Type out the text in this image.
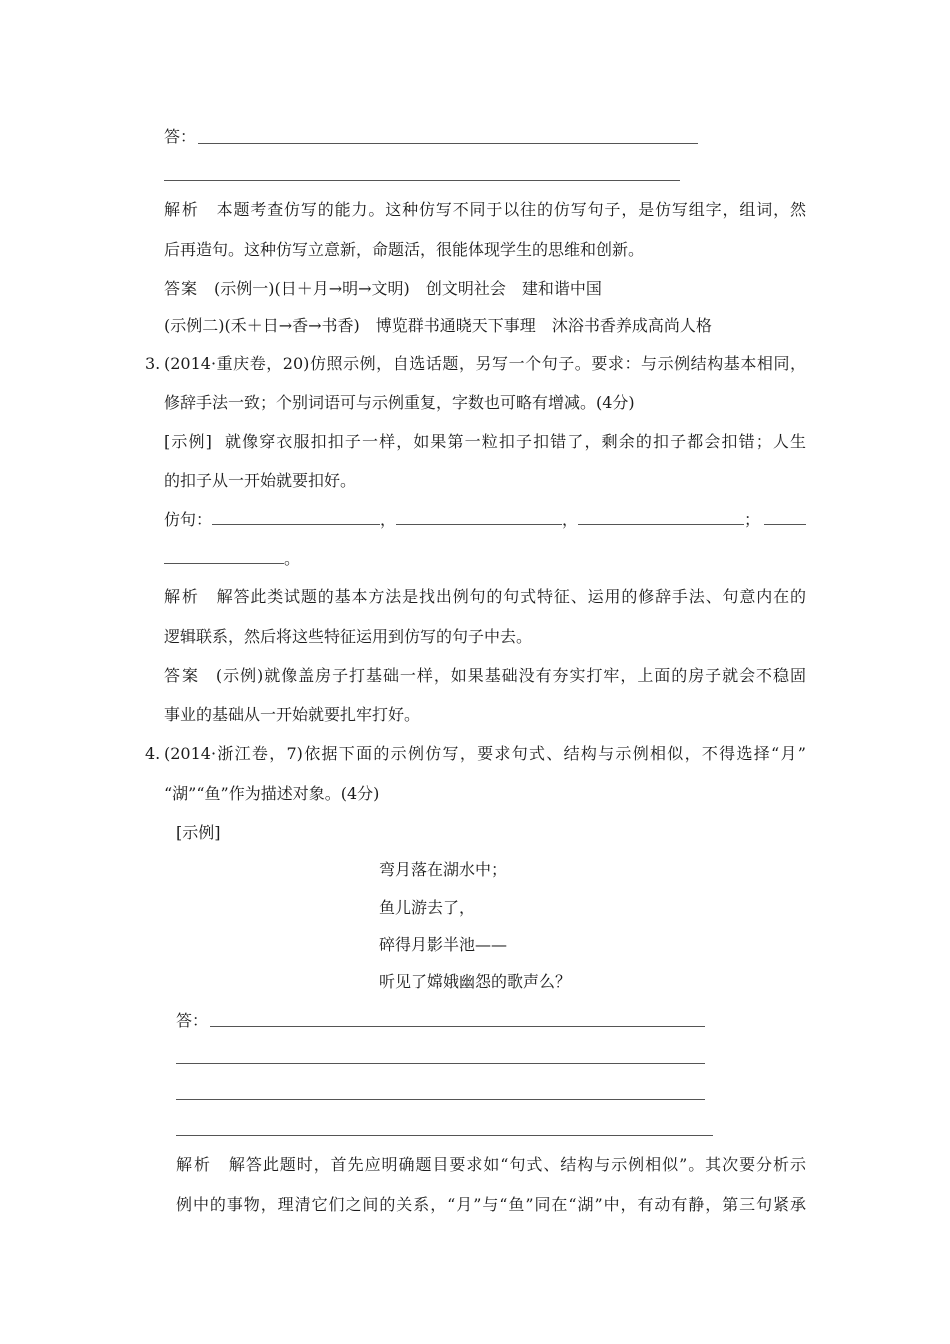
答：
解析 本题考查仿写的能力。这种仿写不同于以往的仿写句子，是仿写组字，组词，然
后再造句。这种仿写立意新，命题活，很能体现学生的思维和创新。
答案 (示例一)(日＋月→明→文明) 创文明社会 建和谐中国
(示例二)(禾＋日→香→书香) 博览群书通晓天下事理 沐浴书香养成高尚人格
3. (2014·重庆卷，20)仿照示例，自选话题，另写一个句子。要求：与示例结构基本相同，
修辞手法一致；个别词语可与示例重复，字数也可略有增减。(4分)
[示例] 就像穿衣服扣扣子一样，如果第一粒扣子扣错了，剩余的扣子都会扣错；人生
的扣子从一开始就要扣好。
仿句：	，	，	；
。
解析 解答此类试题的基本方法是找出例句的句式特征、运用的修辞手法、句意内在的
逻辑联系，然后将这些特征运用到仿写的句子中去。
答案 (示例)就像盖房子打基础一样，如果基础没有夯实打牢，上面的房子就会不稳固
事业的基础从一开始就要扎牢打好。
4. (2014·浙江卷，7)依据下面的示例仿写，要求句式、结构与示例相似，不得选择“月”
“湖”“鱼”作为描述对象。(4分)
[示例]
弯月落在湖水中；
鱼儿游去了，
碎得月影半池——
听见了嫦娥幽怨的歌声么？
答：
解析 解答此题时，首先应明确题目要求如“句式、结构与示例相似”。其次要分析示
例中的事物，理清它们之间的关系，“月”与“鱼”同在“湖”中，有动有静，第三句紧承
